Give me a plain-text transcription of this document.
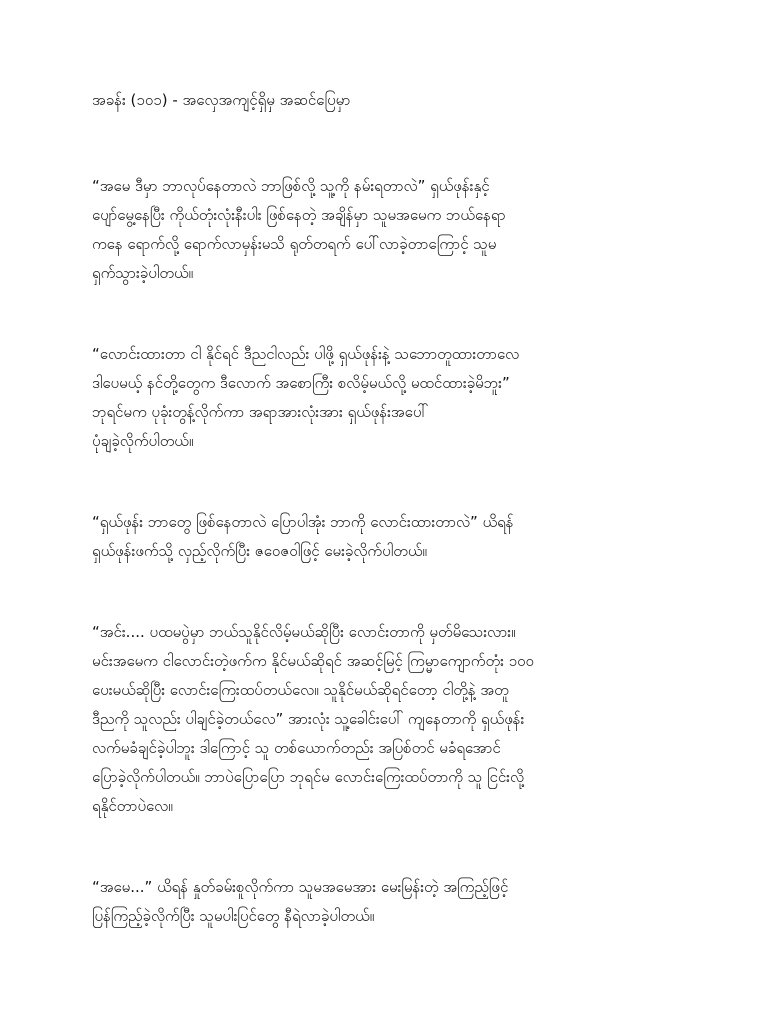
အခန်း (၁၀၁) - အလှေအကျင့်ရှိမှ အဆင်ပြေမှာ
“အမေ ဒီမှာ ဘာလုပ်နေတာလဲ ဘာဖြစ်လို့ သူ့ကို နမ်းရတာလဲ” ရှယ်ဖုန်းနှင့်
ပျော်မွေ့နေပြီး ကိုယ်တုံးလုံးနီးပါး ဖြစ်နေတဲ့ အချိန်မှာ သူမအမေက ဘယ်နေရာ
ကနေ ရောက်လို့ ရောက်လာမှန်းမသိ ရုတ်တရက် ပေါ်လာခဲ့တာကြောင့် သူမ
ရှက်သွားခဲ့ပါတယ်။
“လောင်းထားတာ ငါ နိုင်ရင် ဒီညငါလည်း ပါဖို့ ရှယ်ဖုန်းနဲ့ သဘောတူထားတာလေ
ဒါပေမယ့် နင်တို့တွေက ဒီလောက် အစောကြီး စလိမ့်မယ်လို့ မထင်ထားခဲ့မိဘူး”
ဘုရင်မက ပုခုံးတွန့်လိုက်ကာ အရာအားလုံးအား ရှယ်ဖုန်းအပေါ်
ပုံချခဲ့လိုက်ပါတယ်။
“ရှယ်ဖုန်း ဘာတွေ ဖြစ်နေတာလဲ ပြောပါအုံး ဘာကို လောင်းထားတာလဲ” ယိရန်
ရှယ်ဖုန်းဖက်သို့ လှည့်လိုက်ပြီး ဇဝေဇဝါဖြင့် မေးခဲ့လိုက်ပါတယ်။
“အင်း.... ပထမပွဲမှာ ဘယ်သူနိုင်လိမ့်မယ်ဆိုပြီး လောင်းတာကို မှတ်မိသေးလား။
မင်းအမေက ငါလောင်းတဲ့ဖက်က နိုင်မယ်ဆိုရင် အဆင့်မြင့် ကြမ္မာကျောက်တုံး ၁၀၀
ပေးမယ်ဆိုပြီး လောင်းကြေးထပ်တယ်လေ။ သူနိုင်မယ်ဆိုရင်တော့ ငါတို့နဲ့ အတူ
ဒီညကို သူလည်း ပါချင်ခဲ့တယ်လေ” အားလုံး သူ့ခေါင်းပေါ် ကျနေတာကို ရှယ်ဖုန်း
လက်မခံချင်ခဲ့ပါဘူး ဒါကြောင့် သူ တစ်ယောက်တည်း အပြစ်တင် မခံရအောင်
ပြောခဲ့လိုက်ပါတယ်။ ဘာပဲပြောပြော ဘုရင်မ လောင်းကြေးထပ်တာကို သူ ငြင်းလို့
ရနိုင်တာပဲလေ။
“အမေ...” ယိရန် နှုတ်ခမ်းစူလိုက်ကာ သူမအမေအား မေးမြန်းတဲ့ အကြည့်ဖြင့်
ပြန်ကြည့်ခဲ့လိုက်ပြီး သူမပါးပြင်တွေ နီရဲလာခဲ့ပါတယ်။
